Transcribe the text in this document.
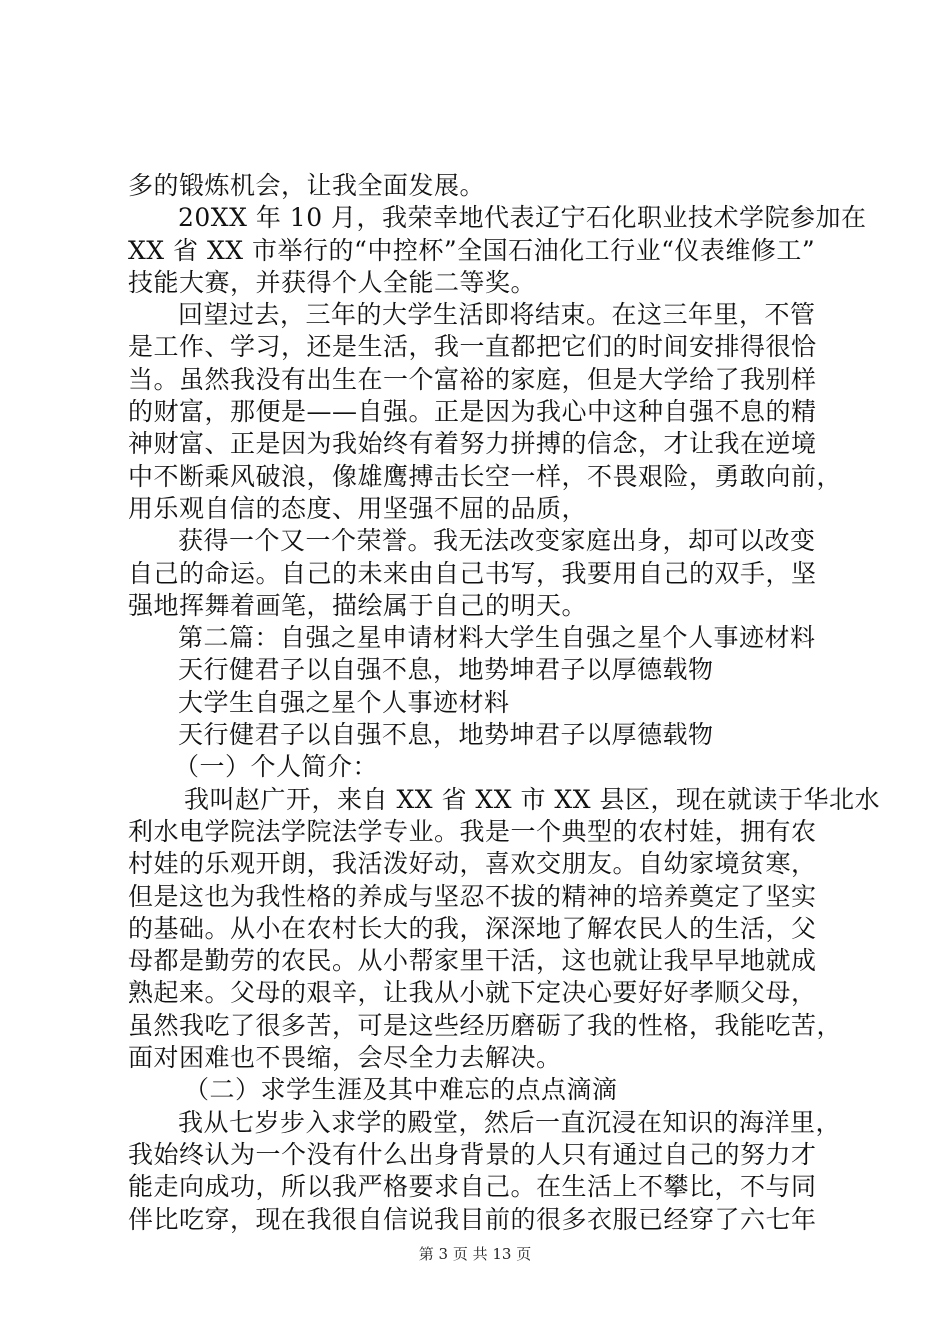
多的锻炼机会，让我全面发展。
20XX 年 10 月，我荣幸地代表辽宁石化职业技术学院参加在
XX 省 XX 市举行的“中控杯”全国石油化工行业“仪表维修工”
技能大赛，并获得个人全能二等奖。
回望过去，三年的大学生活即将结束。在这三年里，不管
是工作、学习，还是生活，我一直都把它们的时间安排得很恰
当。虽然我没有出生在一个富裕的家庭，但是大学给了我别样
的财富，那便是——自强。正是因为我心中这种自强不息的精
神财富、正是因为我始终有着努力拼搏的信念，才让我在逆境
中不断乘风破浪，像雄鹰搏击长空一样，不畏艰险，勇敢向前，
用乐观自信的态度、用坚强不屈的品质，
获得一个又一个荣誉。我无法改变家庭出身，却可以改变
自己的命运。自己的未来由自己书写，我要用自己的双手，坚
强地挥舞着画笔，描绘属于自己的明天。
第二篇：自强之星申请材料大学生自强之星个人事迹材料
天行健君子以自强不息，地势坤君子以厚德载物
大学生自强之星个人事迹材料
天行健君子以自强不息，地势坤君子以厚德载物
（一）个人简介：
我叫赵广开，来自 XX 省 XX 市 XX 县区，现在就读于华北水
利水电学院法学院法学专业。我是一个典型的农村娃，拥有农
村娃的乐观开朗，我活泼好动，喜欢交朋友。自幼家境贫寒，
但是这也为我性格的养成与坚忍不拔的精神的培养奠定了坚实
的基础。从小在农村长大的我，深深地了解农民人的生活，父
母都是勤劳的农民。从小帮家里干活，这也就让我早早地就成
熟起来。父母的艰辛，让我从小就下定决心要好好孝顺父母，
虽然我吃了很多苦，可是这些经历磨砺了我的性格，我能吃苦，
面对困难也不畏缩，会尽全力去解决。
（二）求学生涯及其中难忘的点点滴滴
我从七岁步入求学的殿堂，然后一直沉浸在知识的海洋里，
我始终认为一个没有什么出身背景的人只有通过自己的努力才
能走向成功，所以我严格要求自己。在生活上不攀比，不与同
伴比吃穿，现在我很自信说我目前的很多衣服已经穿了六七年
第 3 页 共 13 页
